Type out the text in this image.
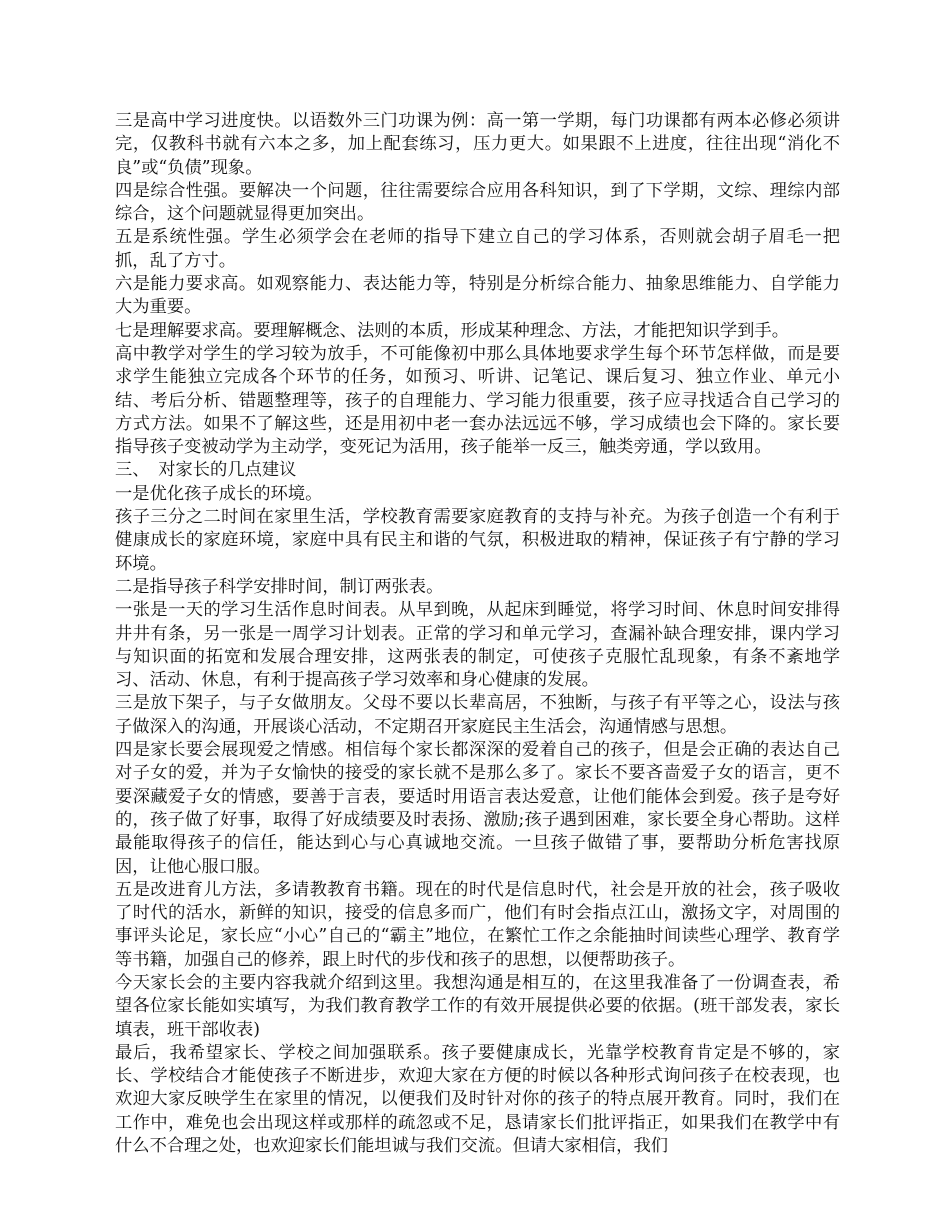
三是高中学习进度快。以语数外三门功课为例：高一第一学期，每门功课都有两本必修必须讲完，仅教科书就有六本之多，加上配套练习，压力更大。如果跟不上进度，往往出现“消化不良”或“负债”现象。

四是综合性强。要解决一个问题，往往需要综合应用各科知识，到了下学期，文综、理综内部综合，这个问题就显得更加突出。

五是系统性强。学生必须学会在老师的指导下建立自己的学习体系，否则就会胡子眉毛一把抓，乱了方寸。

六是能力要求高。如观察能力、表达能力等，特别是分析综合能力、抽象思维能力、自学能力大为重要。

七是理解要求高。要理解概念、法则的本质，形成某种理念、方法，才能把知识学到手。

高中教学对学生的学习较为放手，不可能像初中那么具体地要求学生每个环节怎样做，而是要求学生能独立完成各个环节的任务，如预习、听讲、记笔记、课后复习、独立作业、单元小结、考后分析、错题整理等，孩子的自理能力、学习能力很重要，孩子应寻找适合自己学习的方式方法。如果不了解这些，还是用初中老一套办法远远不够，学习成绩也会下降的。家长要指导孩子变被动学为主动学，变死记为活用，孩子能举一反三，触类旁通，学以致用。

三、　对家长的几点建议

一是优化孩子成长的环境。

孩子三分之二时间在家里生活，学校教育需要家庭教育的支持与补充。为孩子创造一个有利于健康成长的家庭环境，家庭中具有民主和谐的气氛，积极进取的精神，保证孩子有宁静的学习环境。

二是指导孩子科学安排时间，制订两张表。

一张是一天的学习生活作息时间表。从早到晚，从起床到睡觉，将学习时间、休息时间安排得井井有条，另一张是一周学习计划表。正常的学习和单元学习，查漏补缺合理安排，课内学习与知识面的拓宽和发展合理安排，这两张表的制定，可使孩子克服忙乱现象，有条不紊地学习、活动、休息，有利于提高孩子学习效率和身心健康的发展。

三是放下架子，与子女做朋友。父母不要以长辈高居，不独断，与孩子有平等之心，设法与孩子做深入的沟通，开展谈心活动，不定期召开家庭民主生活会，沟通情感与思想。

四是家长要会展现爱之情感。相信每个家长都深深的爱着自己的孩子，但是会正确的表达自己对子女的爱，并为子女愉快的接受的家长就不是那么多了。家长不要吝啬爱子女的语言，更不要深藏爱子女的情感，要善于言表，要适时用语言表达爱意，让他们能体会到爱。孩子是夸好的，孩子做了好事，取得了好成绩要及时表扬、激励;孩子遇到困难，家长要全身心帮助。这样最能取得孩子的信任，能达到心与心真诚地交流。一旦孩子做错了事，要帮助分析危害找原因，让他心服口服。

五是改进育儿方法，多请教教育书籍。现在的时代是信息时代，社会是开放的社会，孩子吸收了时代的活水，新鲜的知识，接受的信息多而广，他们有时会指点江山，激扬文字，对周围的事评头论足，家长应“小心”自己的“霸主”地位，在繁忙工作之余能抽时间读些心理学、教育学等书籍，加强自己的修养，跟上时代的步伐和孩子的思想，以便帮助孩子。

今天家长会的主要内容我就介绍到这里。我想沟通是相互的，在这里我准备了一份调查表，希望各位家长能如实填写，为我们教育教学工作的有效开展提供必要的依据。(班干部发表，家长填表，班干部收表)

最后，我希望家长、学校之间加强联系。孩子要健康成长，光靠学校教育肯定是不够的，家长、学校结合才能使孩子不断进步，欢迎大家在方便的时候以各种形式询问孩子在校表现，也欢迎大家反映学生在家里的情况，以便我们及时针对你的孩子的特点展开教育。同时，我们在工作中，难免也会出现这样或那样的疏忽或不足，恳请家长们批评指正，如果我们在教学中有什么不合理之处，也欢迎家长们能坦诚与我们交流。但请大家相信，我们
